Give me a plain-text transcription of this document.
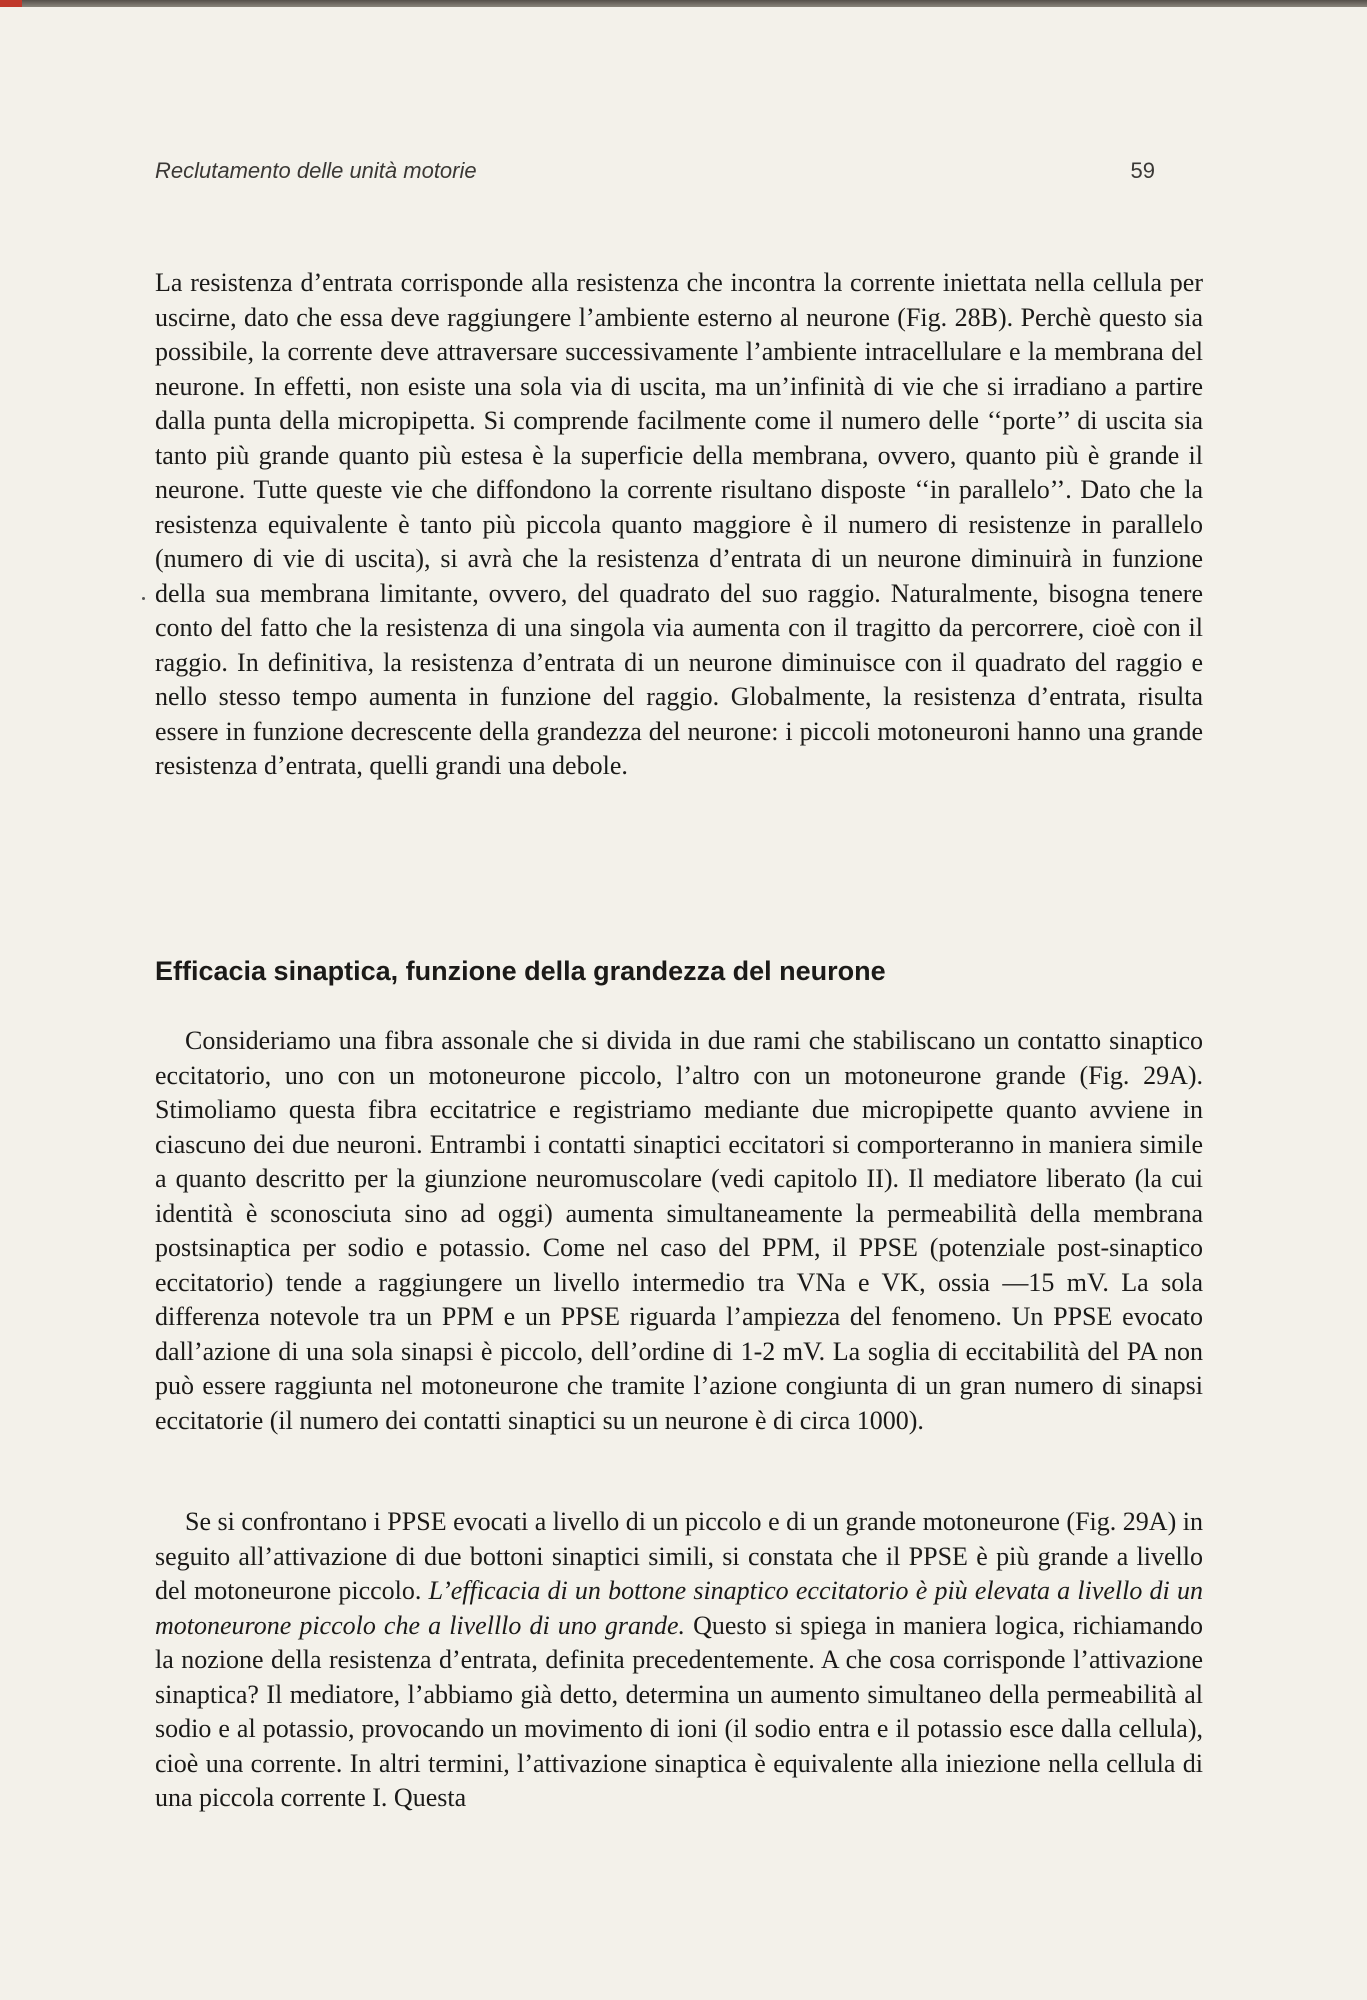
Reclutamento delle unità motorie	59

La resistenza d’entrata corrisponde alla resistenza che incontra la corrente iniettata nella cellula per uscirne, dato che essa deve raggiungere l’ambiente esterno al neurone (Fig. 28B). Perchè questo sia possibile, la corrente deve attraversare successivamente l’ambiente intracellulare e la membrana del neurone. In effetti, non esiste una sola via di uscita, ma un’infinità di vie che si irradiano a partire dalla punta della micropipetta. Si comprende facilmente come il numero delle ‘‘porte’’ di uscita sia tanto più grande quanto più estesa è la superficie della membrana, ovvero, quanto più è grande il neurone. Tutte queste vie che diffondono la corrente risultano disposte ‘‘in parallelo’’. Dato che la resistenza equivalente è tanto più piccola quanto maggiore è il numero di resistenze in parallelo (numero di vie di uscita), si avrà che la resistenza d’entrata di un neurone diminuirà in funzione della sua membrana limitante, ovvero, del quadrato del suo raggio. Naturalmente, bisogna tenere conto del fatto che la resistenza di una singola via aumenta con il tragitto da percorrere, cioè con il raggio. In definitiva, la resistenza d’entrata di un neurone diminuisce con il quadrato del raggio e nello stesso tempo aumenta in funzione del raggio. Globalmente, la resistenza d’entrata, risulta essere in funzione decrescente della grandezza del neurone: i piccoli motoneuroni hanno una grande resistenza d’entrata, quelli grandi una debole.

Efficacia sinaptica, funzione della grandezza del neurone

Consideriamo una fibra assonale che si divida in due rami che stabiliscano un contatto sinaptico eccitatorio, uno con un motoneurone piccolo, l’altro con un motoneurone grande (Fig. 29A). Stimoliamo questa fibra eccitatrice e registriamo mediante due micropipette quanto avviene in ciascuno dei due neuroni. Entrambi i contatti sinaptici eccitatori si comporteranno in maniera simile a quanto descritto per la giunzione neuromuscolare (vedi capitolo II). Il mediatore liberato (la cui identità è sconosciuta sino ad oggi) aumenta simultaneamente la permeabilità della membrana postsinaptica per sodio e potassio. Come nel caso del PPM, il PPSE (potenziale post-sinaptico eccitatorio) tende a raggiungere un livello intermedio tra VNa e VK, ossia —15 mV. La sola differenza notevole tra un PPM e un PPSE riguarda l’ampiezza del fenomeno. Un PPSE evocato dall’azione di una sola sinapsi è piccolo, dell’ordine di 1-2 mV. La soglia di eccitabilità del PA non può essere raggiunta nel motoneurone che tramite l’azione congiunta di un gran numero di sinapsi eccitatorie (il numero dei contatti sinaptici su un neurone è di circa 1000).

Se si confrontano i PPSE evocati a livello di un piccolo e di un grande motoneurone (Fig. 29A) in seguito all’attivazione di due bottoni sinaptici simili, si constata che il PPSE è più grande a livello del motoneurone piccolo. L’efficacia di un bottone sinaptico eccitatorio è più elevata a livello di un motoneurone piccolo che a livelllo di uno grande. Questo si spiega in maniera logica, richiamando la nozione della resistenza d’entrata, definita precedentemente. A che cosa corrisponde l’attivazione sinaptica? Il mediatore, l’abbiamo già detto, determina un aumento simultaneo della permeabilità al sodio e al potassio, provocando un movimento di ioni (il sodio entra e il potassio esce dalla cellula), cioè una corrente. In altri termini, l’attivazione sinaptica è equivalente alla iniezione nella cellula di una piccola corrente I. Questa
